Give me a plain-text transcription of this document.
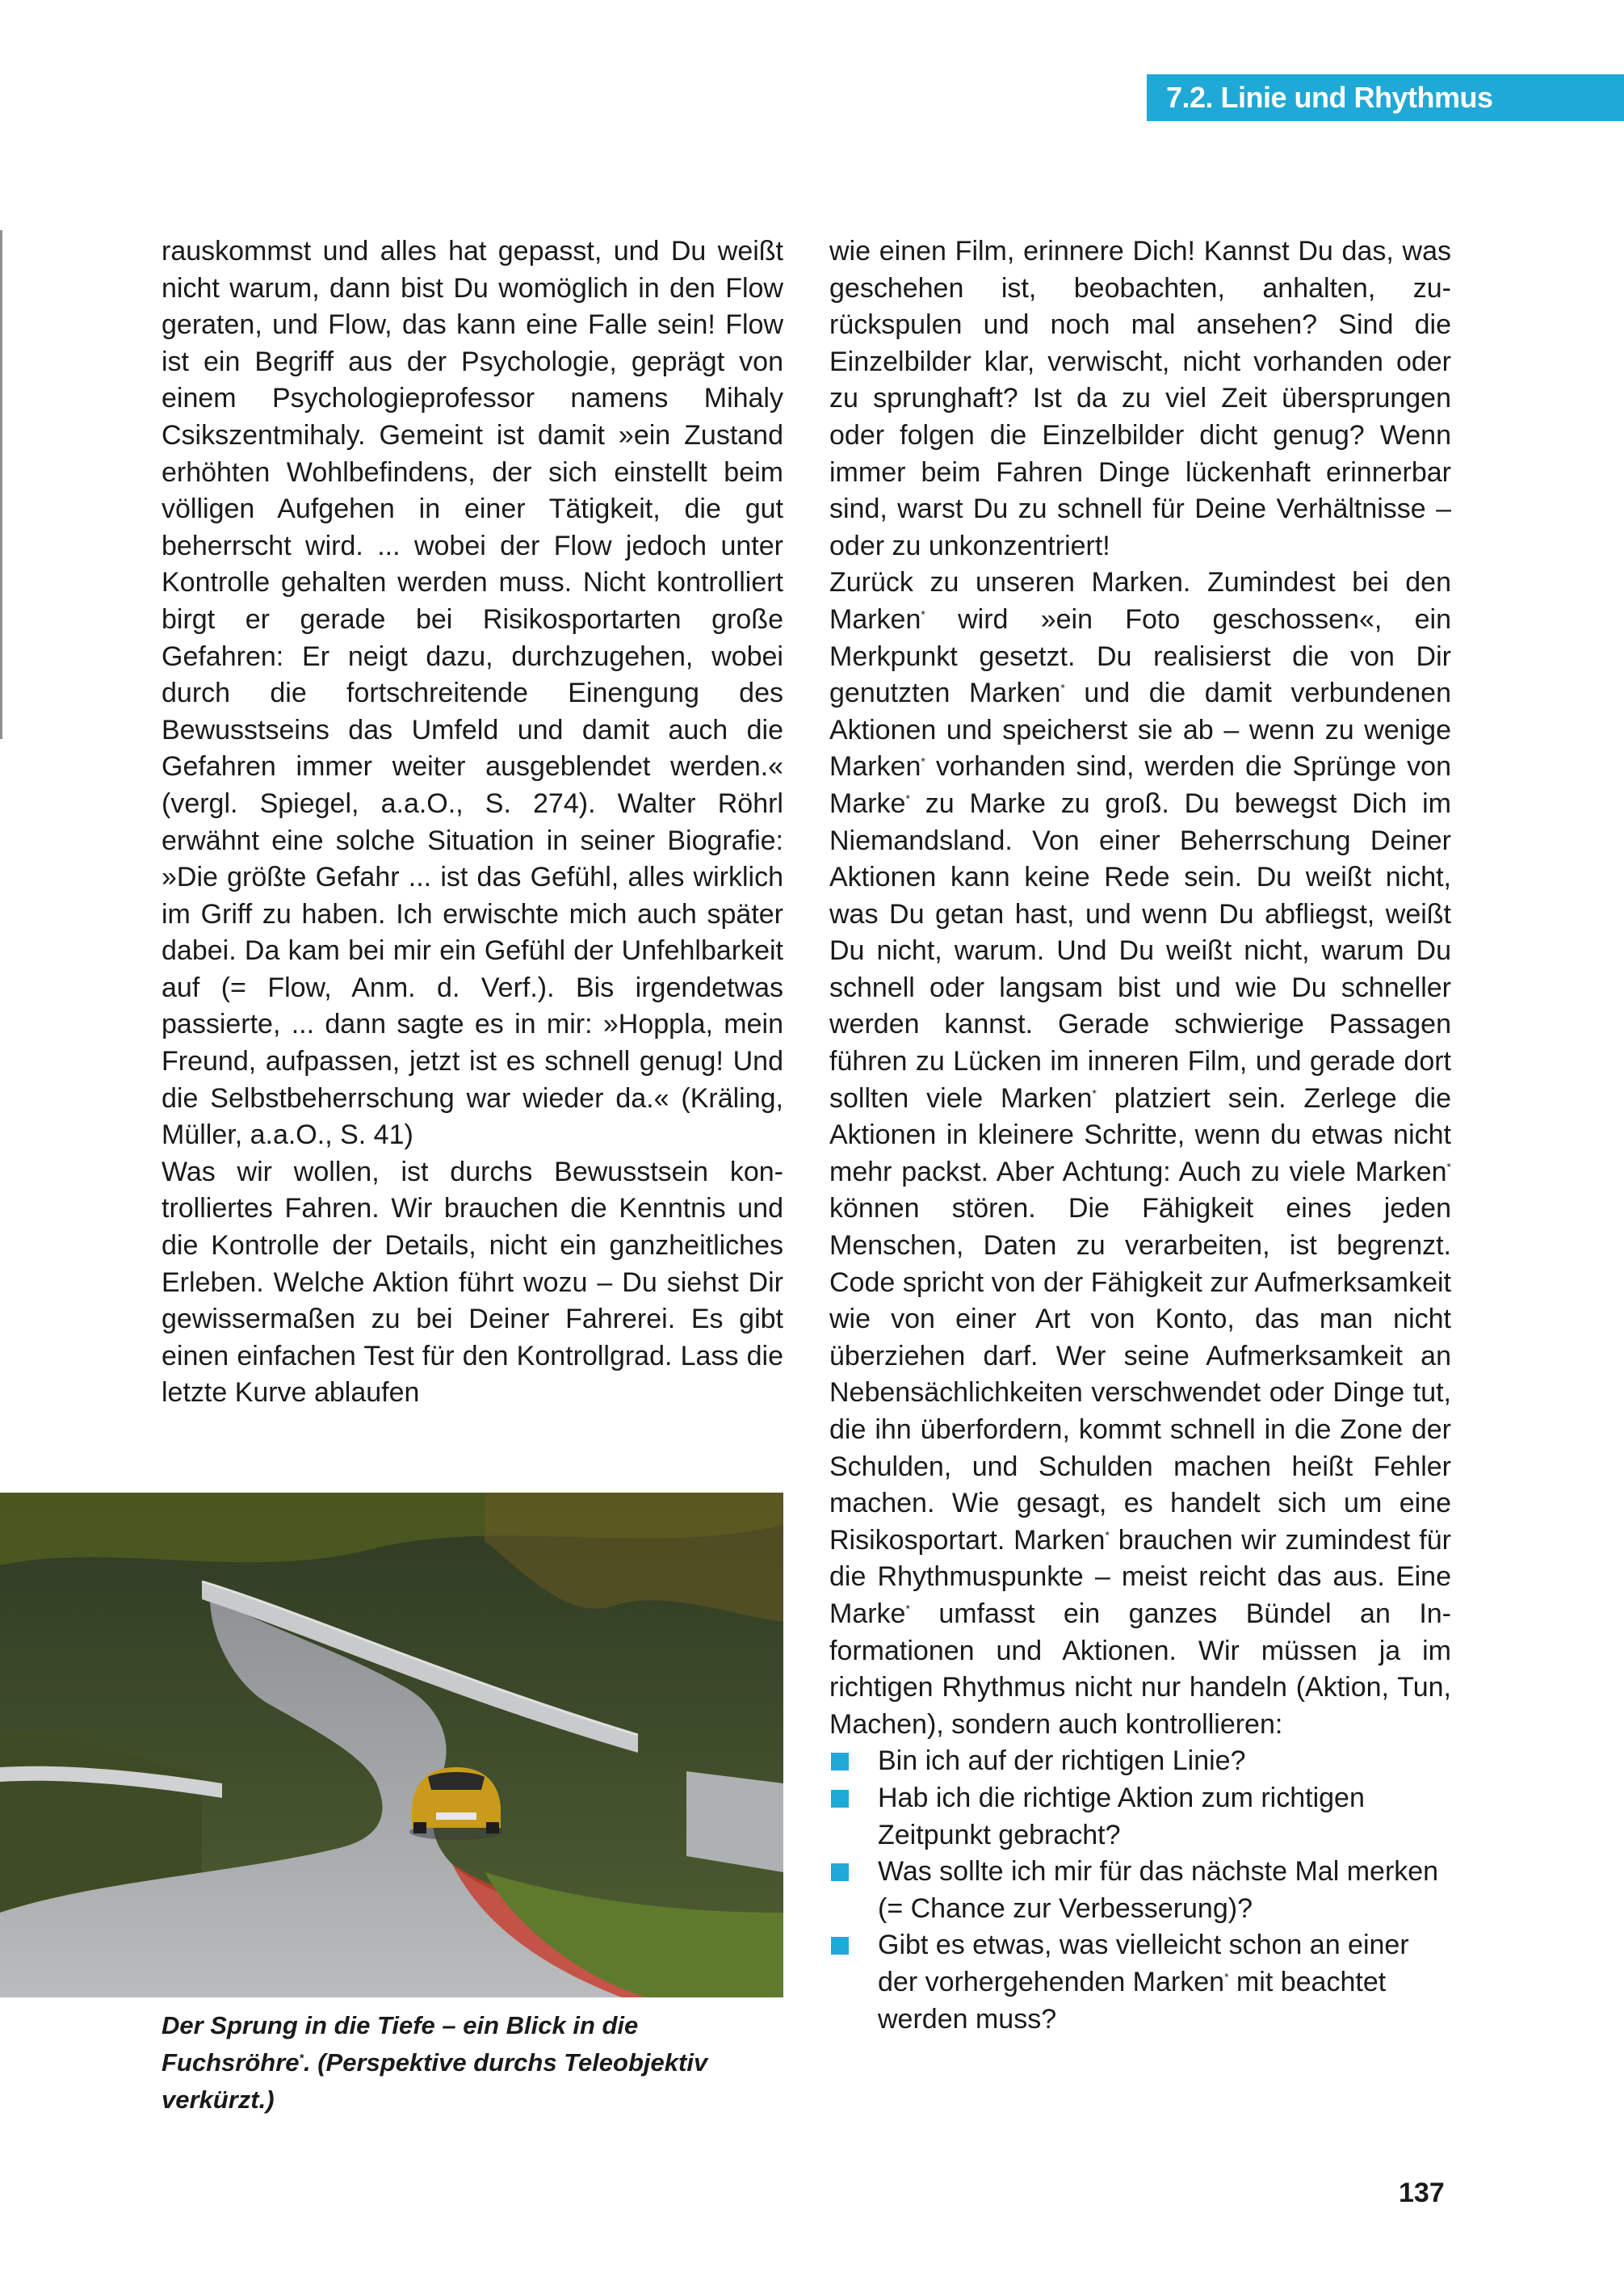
7.2. Linie und Rhythmus

rauskommst und alles hat gepasst, und Du weißt nicht warum, dann bist Du womöglich in den Flow geraten, und Flow, das kann eine Falle sein! Flow ist ein Begriff aus der Psychologie, geprägt von einem Psychologieprofessor namens Mihaly Csikszentmihaly. Gemeint ist damit »ein Zustand erhöhten Wohlbefindens, der sich einstellt beim völligen Aufgehen in einer Tätigkeit, die gut beherrscht wird. ... wobei der Flow jedoch unter Kontrolle gehalten werden muss. Nicht kontrolliert birgt er gerade bei Risikosportarten große Gefahren: Er neigt dazu, durchzugehen, wobei durch die fortschreitende Einengung des Bewusstseins das Umfeld und damit auch die Gefahren immer weiter ausgeblendet werden.« (vergl. Spiegel, a.a.O., S. 274). Walter Röhrl erwähnt eine solche Situation in seiner Biografie: »Die größte Gefahr ... ist das Gefühl, alles wirklich im Griff zu haben. Ich erwischte mich auch später dabei. Da kam bei mir ein Gefühl der Unfehlbarkeit auf (= Flow, Anm. d. Verf.). Bis irgendetwas passierte, ... dann sagte es in mir: »Hoppla, mein Freund, aufpassen, jetzt ist es schnell genug! Und die Selbstbeherrschung war wieder da.« (Kräling, Müller, a.a.O., S. 41)

Was wir wollen, ist durchs Bewusstsein kontrolliertes Fahren. Wir brauchen die Kenntnis und die Kontrolle der Details, nicht ein ganzheitliches Erleben. Welche Aktion führt wozu – Du siehst Dir gewissermaßen zu bei Deiner Fahrerei. Es gibt einen einfachen Test für den Kontrollgrad. Lass die letzte Kurve ablaufen

Der Sprung in die Tiefe – ein Blick in die Fuchsröhre*. (Perspektive durchs Teleobjektiv verkürzt.)

wie einen Film, erinnere Dich! Kannst Du das, was geschehen ist, beobachten, anhalten, zurückspulen und noch mal ansehen? Sind die Einzelbilder klar, verwischt, nicht vorhanden oder zu sprunghaft? Ist da zu viel Zeit übersprungen oder folgen die Einzelbilder dicht genug? Wenn immer beim Fahren Dinge lückenhaft erinnerbar sind, warst Du zu schnell für Deine Verhältnisse – oder zu unkonzentriert!

Zurück zu unseren Marken. Zumindest bei den Marken* wird »ein Foto geschossen«, ein Merkpunkt gesetzt. Du realisierst die von Dir genutzten Marken* und die damit verbundenen Aktionen und speicherst sie ab – wenn zu wenige Marken* vorhanden sind, werden die Sprünge von Marke* zu Marke zu groß. Du bewegst Dich im Niemandsland. Von einer Beherrschung Deiner Aktionen kann keine Rede sein. Du weißt nicht, was Du getan hast, und wenn Du abfliegst, weißt Du nicht, warum. Und Du weißt nicht, warum Du schnell oder langsam bist und wie Du schneller werden kannst. Gerade schwierige Passagen führen zu Lücken im inneren Film, und gerade dort sollten viele Marken* platziert sein. Zerlege die Aktionen in kleinere Schritte, wenn du etwas nicht mehr packst. Aber Achtung: Auch zu viele Marken* können stören. Die Fähigkeit eines jeden Menschen, Daten zu verarbeiten, ist begrenzt. Code spricht von der Fähigkeit zur Aufmerksamkeit wie von einer Art von Konto, das man nicht überziehen darf. Wer seine Aufmerksamkeit an Nebensächlichkeiten verschwendet oder Dinge tut, die ihn überfordern, kommt schnell in die Zone der Schulden, und Schulden machen heißt Fehler machen. Wie gesagt, es handelt sich um eine Risikosportart. Marken* brauchen wir zumindest für die Rhythmuspunkte – meist reicht das aus. Eine Marke* umfasst ein ganzes Bündel an Informationen und Aktionen. Wir müssen ja im richtigen Rhythmus nicht nur handeln (Aktion, Tun, Machen), sondern auch kontrollieren:

Bin ich auf der richtigen Linie?
Hab ich die richtige Aktion zum richtigen Zeitpunkt gebracht?
Was sollte ich mir für das nächste Mal merken (= Chance zur Verbesserung)?
Gibt es etwas, was vielleicht schon an einer der vorhergehenden Marken* mit beachtet werden muss?
137
